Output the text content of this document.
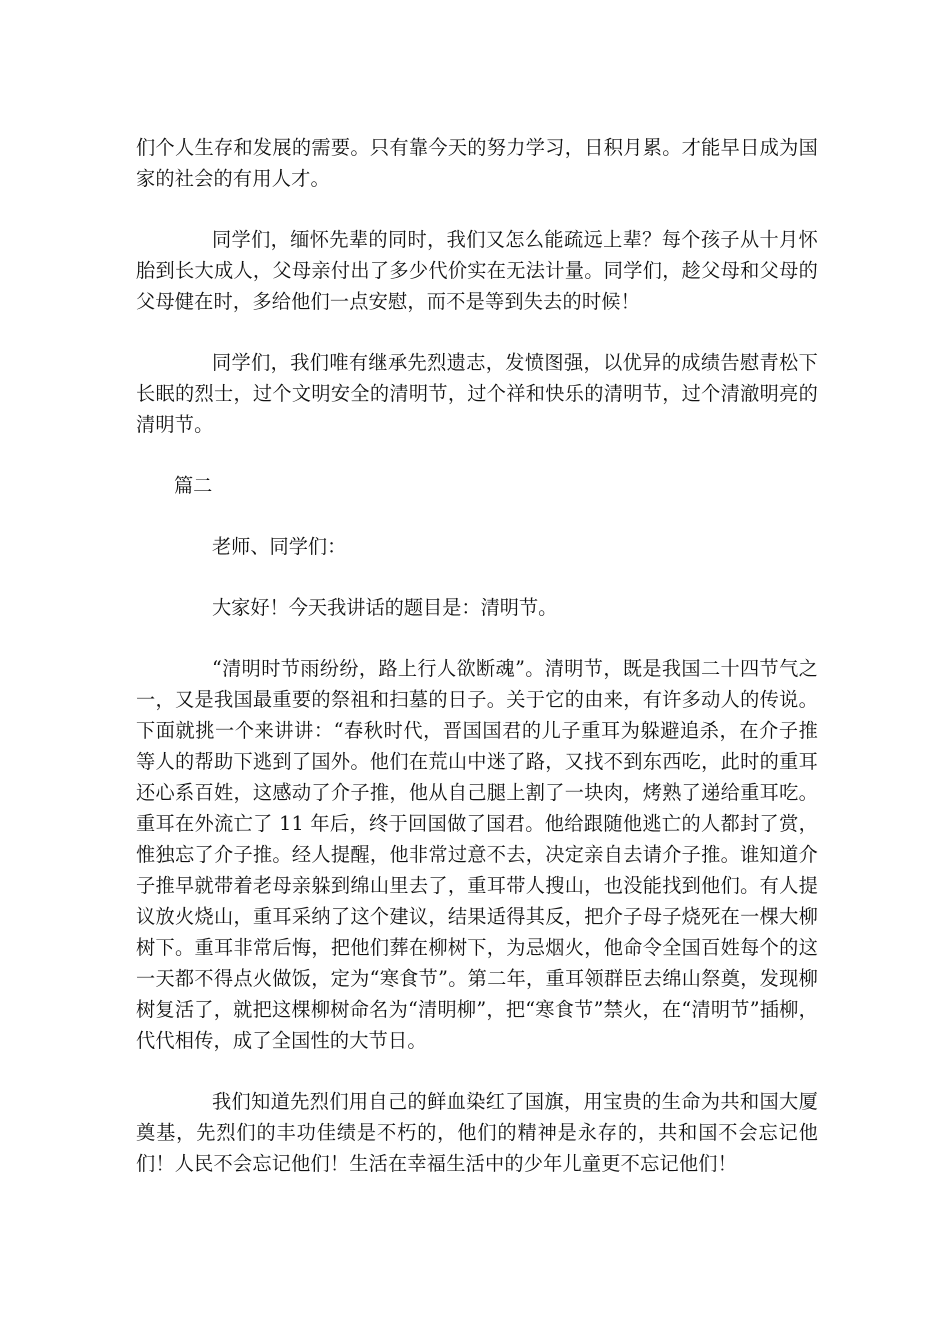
们个人生存和发展的需要。只有靠今天的努力学习，日积月累。才能早日成为国家的社会的有用人才。

同学们，缅怀先辈的同时，我们又怎么能疏远上辈？每个孩子从十月怀胎到长大成人，父母亲付出了多少代价实在无法计量。同学们，趁父母和父母的父母健在时，多给他们一点安慰，而不是等到失去的时候！

同学们，我们唯有继承先烈遗志，发愤图强，以优异的成绩告慰青松下长眠的烈士，过个文明安全的清明节，过个祥和快乐的清明节，过个清澈明亮的清明节。

篇二

老师、同学们：

大家好！今天我讲话的题目是：清明节。

“清明时节雨纷纷，路上行人欲断魂”。清明节，既是我国二十四节气之一，又是我国最重要的祭祖和扫墓的日子。关于它的由来，有许多动人的传说。下面就挑一个来讲讲：“春秋时代，晋国国君的儿子重耳为躲避追杀，在介子推等人的帮助下逃到了国外。他们在荒山中迷了路，又找不到东西吃，此时的重耳还心系百姓，这感动了介子推，他从自己腿上割了一块肉，烤熟了递给重耳吃。重耳在外流亡了 11 年后，终于回国做了国君。他给跟随他逃亡的人都封了赏，惟独忘了介子推。经人提醒，他非常过意不去，决定亲自去请介子推。谁知道介子推早就带着老母亲躲到绵山里去了，重耳带人搜山，也没能找到他们。有人提议放火烧山，重耳采纳了这个建议，结果适得其反，把介子母子烧死在一棵大柳树下。重耳非常后悔，把他们葬在柳树下，为忌烟火，他命令全国百姓每个的这一天都不得点火做饭，定为“寒食节”。第二年，重耳领群臣去绵山祭奠，发现柳树复活了，就把这棵柳树命名为“清明柳”，把“寒食节”禁火，在“清明节”插柳，代代相传，成了全国性的大节日。

我们知道先烈们用自己的鲜血染红了国旗，用宝贵的生命为共和国大厦奠基，先烈们的丰功佳绩是不朽的，他们的精神是永存的，共和国不会忘记他们！人民不会忘记他们！生活在幸福生活中的少年儿童更不忘记他们！
